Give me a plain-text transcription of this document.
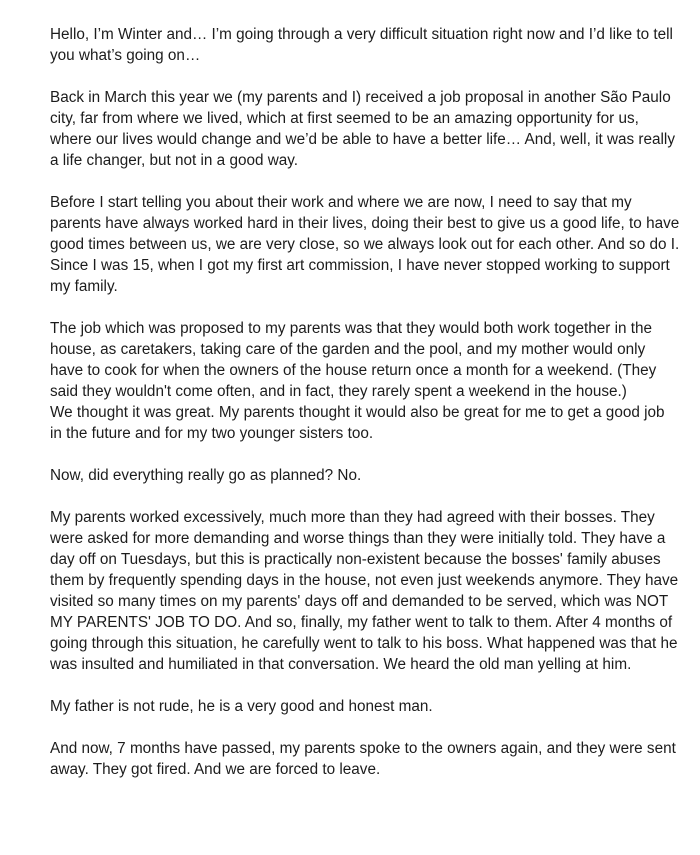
Hello, I’m Winter and… I’m going through a very difficult situation right now and I’d like to tell you what’s going on…

Back in March this year we (my parents and I) received a job proposal in another São Paulo city, far from where we lived, which at first seemed to be an amazing opportunity for us, where our lives would change and we’d be able to have a better life… And, well, it was really a life changer, but not in a good way.

Before I start telling you about their work and where we are now, I need to say that my parents have always worked hard in their lives, doing their best to give us a good life, to have good times between us, we are very close, so we always look out for each other. And so do I. Since I was 15, when I got my first art commission, I have never stopped working to support my family.

The job which was proposed to my parents was that they would both work together in the house, as caretakers, taking care of the garden and the pool, and my mother would only have to cook for when the owners of the house return once a month for a weekend. (They said they wouldn't come often, and in fact, they rarely spent a weekend in the house.)

We thought it was great. My parents thought it would also be great for me to get a good job in the future and for my two younger sisters too.

Now, did everything really go as planned? No.

My parents worked excessively, much more than they had agreed with their bosses. They were asked for more demanding and worse things than they were initially told. They have a day off on Tuesdays, but this is practically non-existent because the bosses' family abuses them by frequently spending days in the house, not even just weekends anymore. They have visited so many times on my parents' days off and demanded to be served, which was NOT MY PARENTS' JOB TO DO. And so, finally, my father went to talk to them. After 4 months of going through this situation, he carefully went to talk to his boss. What happened was that he was insulted and humiliated in that conversation. We heard the old man yelling at him.

My father is not rude, he is a very good and honest man.

And now, 7 months have passed, my parents spoke to the owners again, and they were sent away. They got fired. And we are forced to leave.
